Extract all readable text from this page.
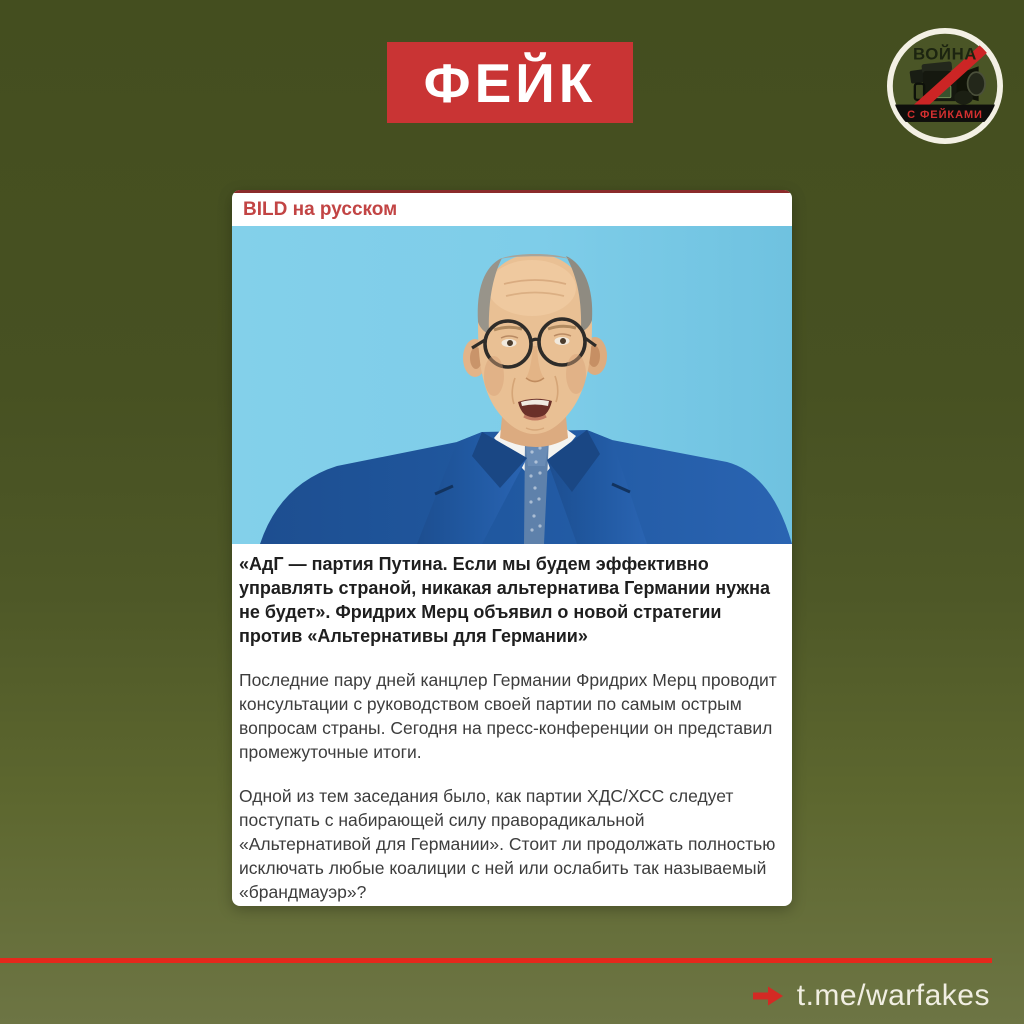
ФЕЙК	ВОЙНА
С ФЕЙКАМИ
BILD на русском

«АдГ — партия Путина. Если мы будем эффективно управлять страной, никакая альтернатива Германии нужна не будет». Фридрих Мерц объявил о новой стратегии против «Альтернативы для Германии»

Последние пару дней канцлер Германии Фридрих Мерц проводит консультации с руководством своей партии по самым острым вопросам страны. Сегодня на пресс-конференции он представил промежуточные итоги.

Одной из тем заседания было, как партии ХДС/ХСС следует поступать с набирающей силу праворадикальной «Альтернативой для Германии». Стоит ли продолжать полностью исключать любые коалиции с ней или ослабить так называемый «брандмауэр»?

t.me/warfakes
